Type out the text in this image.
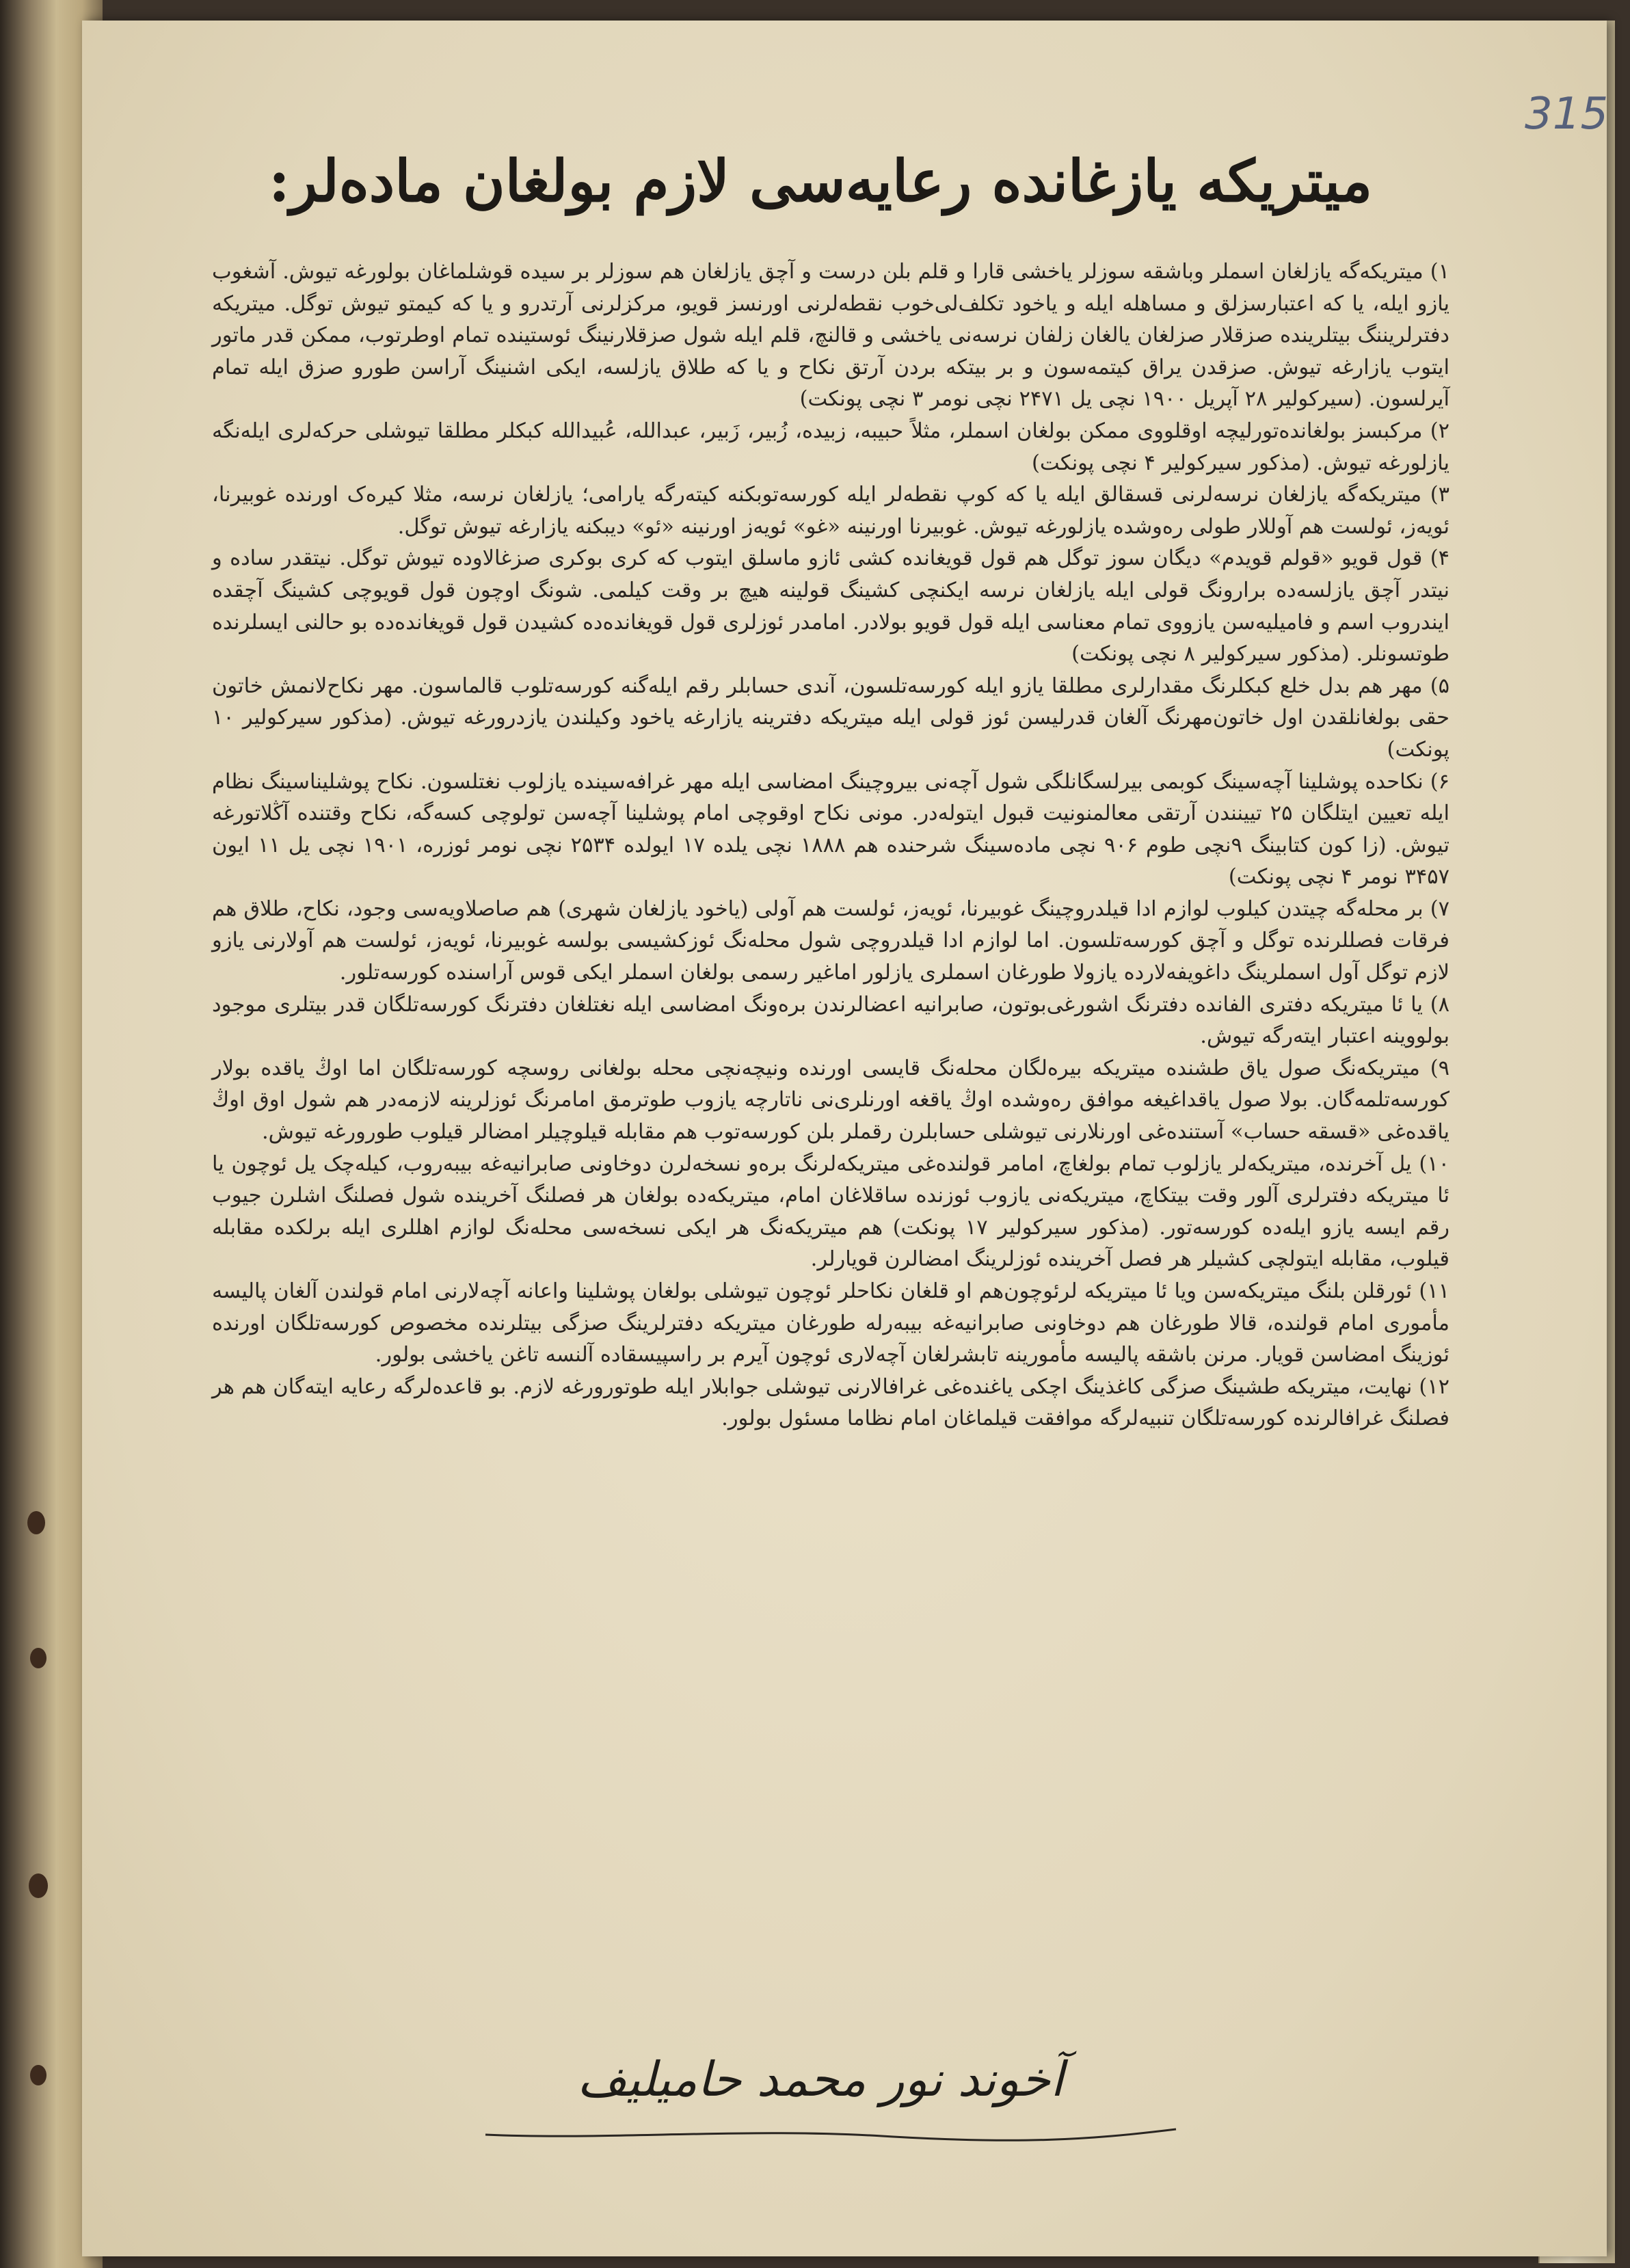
315
میتریکه یازغانده رعایه‌سی لازم بولغان ماده‌لر:

۱) میتریکه‌گه یازلغان اسملر وباشقه سوزلر یاخشی قارا و قلم بلن درست و آچق یازلغان هم سوزلر بر سیده قوشلماغان بولورغه تیوش. آشغوب یازو ایله، یا که اعتبارسزلق و مساهله ایله و یاخود تکلف‌لی‌خوب نقطه‌لرنی اورنسز قویو، مرکزلرنی آرتدرو و یا که کیمتو تیوش توگل. میتریکه دفترلریننگ بیتلرینده صزقلار صزلغان یالغان زلفان نرسه‌نی یاخشی و قالنچ، قلم ایله شول صزقلارنینگ ئوستینده تمام اوطرتوب، ممکن قدر ماتور ایتوب یازارغه تیوش. صزقدن یراق کیتمه‌سون و بر بیتکه بردن آرتق نکاح و یا که طلاق یازلسه، ایکی اشنینگ آراسن طورو صزق ایله تمام آیرلسون. (سیرکولیر ۲۸ آپریل ۱۹۰۰ نچی یل ۲۴۷۱ نچی نومر ۳ نچی پونکت)

۲) مرکبسز بولغانده‌تورلیچه اوقلووی ممکن بولغان اسملر، مثلاً حبیبه، زبیده، زُبیر، زَبیر، عبدالله، عُبیدالله کبکلر مطلقا تیوشلی حرکه‌لری ایله‌نگه یازلورغه تیوش. (مذکور سیرکولیر ۴ نچی پونکت)

۳) میتریکه‌گه یازلغان نرسه‌لرنی قسقالق ایله یا که کوپ نقطه‌لر ایله کورسه‌توبکنه کیته‌رگه یارامی؛ یازلغان نرسه، مثلا کیره‌ک اورنده غوبیرنا، ئویه‌ز، ئولست هم آوللار طولی ره‌وشده یازلورغه تیوش. غوبیرنا اورنینه «غو» ئویه‌ز اورنینه «ئو» دیبکنه یازارغه تیوش توگل.

۴) قول قویو «قولم قویدم» دیگان سوز توگل هم قول قویغانده کشی ئازو ماسلق ایتوب که کری بوکری صزغالاوده تیوش توگل. نیتقدر ساده و نیتدر آچق یازلسه‌ده برارونگ قولی ایله یازلغان نرسه ایکنچی کشینگ قولینه هیچ بر وقت کیلمی. شونگ اوچون قول قویوچی کشینگ آچقده ایندروب اسم و فامیلیه‌سن یازووی تمام معناسی ایله قول قویو بولادر. امامدر ئوزلری قول قویغانده‌ده کشیدن قول قویغانده‌ده بو حالنی ایسلرنده طوتسونلر. (مذکور سیرکولیر ۸ نچی پونکت)

۵) مهر هم بدل خلع کبکلرنگ مقدارلری مطلقا یازو ایله کورسه‌تلسون، آندی حسابلر رقم ایله‌گنه کورسه‌تلوب قالماسون. مهر نکاح‌لانمش خاتون حقی بولغانلقدن اول خاتون‌مهرنگ آلغان قدرلیسن ئوز قولی ایله میتریکه دفترینه یازارغه یاخود وکیلندن یازدرورغه تیوش. (مذکور سیرکولیر ۱۰ پونکت)

۶) نکاحده پوشلینا آچه‌سینگ کوبمی بیرلسگانلگی شول آچه‌نی بیروچینگ امضاسی ایله مهر غرافه‌سینده یازلوب نغتلسون. نکاح پوشلیناسینگ نظام ایله تعیین ایتلگان ۲۵ تیینندن آرتقی معالمنونیت قبول ایتوله‌در. مونی نکاح اوقوچی امام پوشلینا آچه‌سن تولوچی کسه‌گه، نکاح وقتنده آڭلاتورغه تیوش. (زا کون کتابینگ ۹نچی طوم ۹۰۶ نچی ماده‌سینگ شرحنده هم ۱۸۸۸ نچی یلده ۱۷ ایولده ۲۵۳۴ نچی نومر ئوزره، ۱۹۰۱ نچی یل ۱۱ ایون ۳۴۵۷ نومر ۴ نچی پونکت)

۷) بر محله‌گه چیتدن کیلوب لوازم ادا قیلدروچینگ غوبیرنا، ئویه‌ز، ئولست هم آولی (یاخود یازلغان شهری) هم صاصلاویه‌سی وجود، نکاح، طلاق هم فرقات فصللرنده توگل و آچق کورسه‌تلسون. اما لوازم ادا قیلدروچی شول محله‌نگ ئوزکشیسی بولسه غوبیرنا، ئویه‌ز، ئولست هم آولارنی یازو لازم توگل آول اسملرینگ داغویفه‌لارده یازولا طورغان اسملری یازلور اماغیر رسمی بولغان اسملر ایکی قوس آراسنده کورسه‌تلور.

۸) یا ئا میتریکه دفتری الفانده دفترنگ اشورغی‌بوتون، صابرانیه اعضالرندن بره‌ونگ امضاسی ایله نغتلغان دفترنگ کورسه‌تلگان قدر بیتلری موجود بولووینه اعتبار ایته‌رگه تیوش.

۹) میتریکه‌نگ صول یاق طشنده میتریکه بیره‌لگان محله‌نگ قایسی اورنده ونیچه‌نچی محله بولغانی روسچه کورسه‌تلگان اما اوڭ یاقده بولار کورسه‌تلمه‌گان. بولا صول یاقداغیغه موافق ره‌وشده اوڭ یاقغه اورنلری‌نی ناتارچه یازوب طوترمق امامرنگ ئوزلرینه لازمه‌در هم شول اوق اوڭ یاقده‌غی «قسقه حساب» آستنده‌غی اورنلارنی تیوشلی حسابلرن رقملر بلن کورسه‌توب هم مقابله قیلوچیلر امضالر قیلوب طورورغه تیوش.

۱۰) یل آخرنده، میتریکه‌لر یازلوب تمام بولغاچ، امامر قولنده‌غی میتریکه‌لرنگ بره‌و نسخه‌لرن دوخاونی صابرانیه‌غه بیبه‌روب، کیله‌چک یل ئوچون یا ئا میتریکه دفترلری آلور وقت بیتکاچ، میتریکه‌نی یازوب ئوزنده ساقلاغان امام، میتریکه‌ده بولغان هر فصلنگ آخرینده شول فصلنگ اشلرن جیوب رقم ایسه یازو ایله‌ده کورسه‌تور. (مذکور سیرکولیر ۱۷ پونکت) هم میتریکه‌نگ هر ایکی نسخه‌سی محله‌نگ لوازم اهللری ایله برلکده مقابله قیلوب، مقابله ایتولچی کشیلر هر فصل آخرینده ئوزلرینگ امضالرن قویارلر.

۱۱) ئورقلن بلنگ میتریکه‌سن ویا ئا میتریکه لرئوچون‌هم او قلغان نکاحلر ئوچون تیوشلی بولغان پوشلینا واعانه آچه‌لارنی امام قولندن آلغان پالیسه مأموری امام قولنده، قالا طورغان هم دوخاونی صابرانیه‌غه بیبه‌رله طورغان میتریکه دفترلرینگ صزگی بیتلرنده مخصوص کورسه‌تلگان اورنده ئوزینگ امضاسن قویار. مرنن باشقه پالیسه مأمورینه تابشرلغان آچه‌لاری ئوچون آیرم بر راسپیسقاده آلنسه تاغن یاخشی بولور.

۱۲) نهایت، میتریکه طشینگ صزگی کاغذینگ اچکی یاغنده‌غی غرافالارنی تیوشلی جوابلار ایله طوتورورغه لازم. بو قاعده‌لرگه رعایه ایته‌گان هم هر فصلنگ غرافالرنده کورسه‌تلگان تنبیه‌لرگه موافقت قیلماغان امام نظاما مسئول بولور.

آخوند نور محمد حامیلیف
